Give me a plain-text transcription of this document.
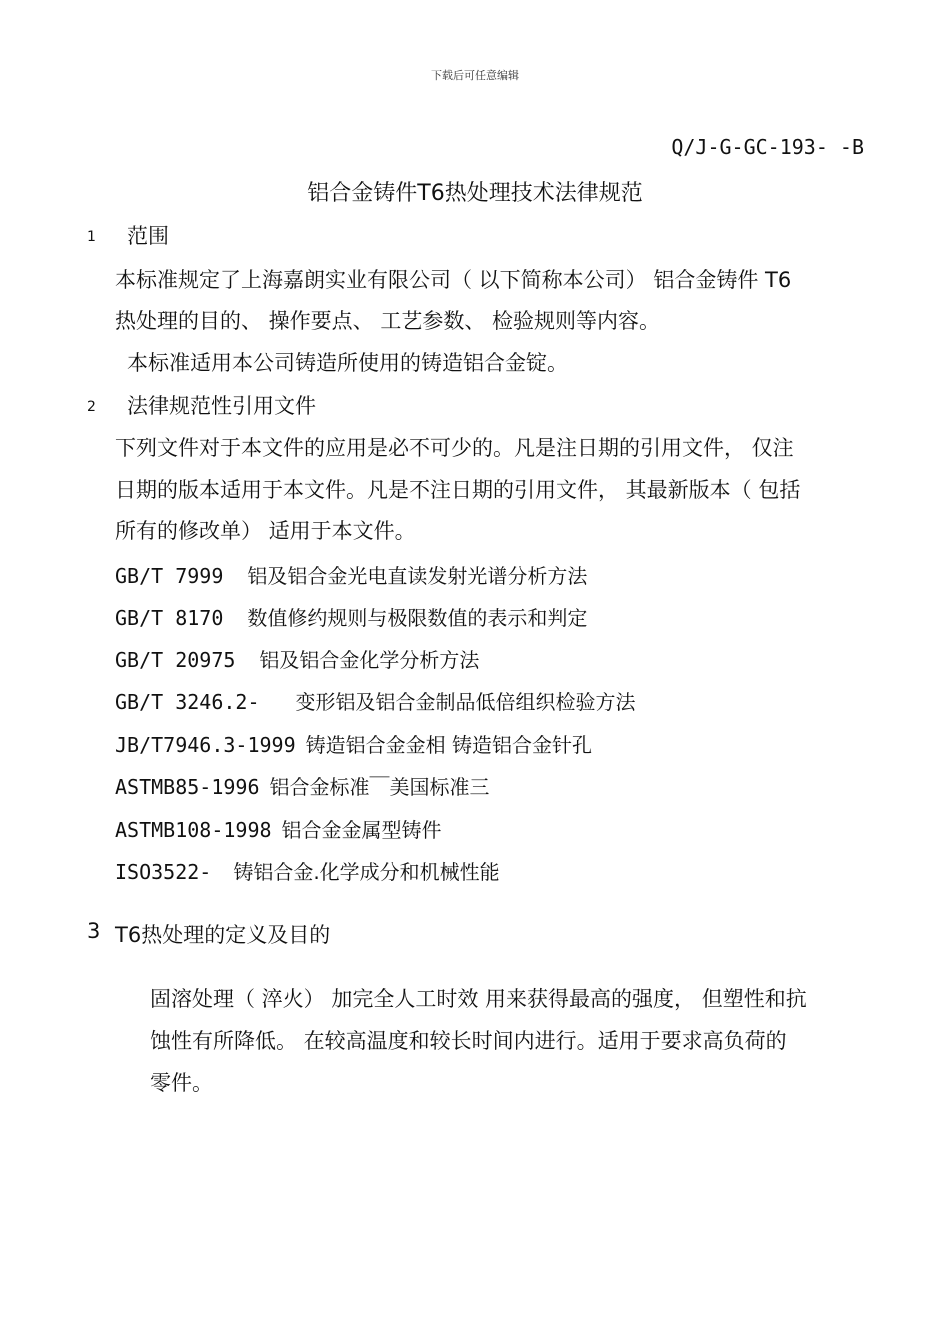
下载后可任意编辑
Q/J-G-GC-193- -B
铝合金铸件T6热处理技术法律规范
1 范围
本标准规定了上海嘉朗实业有限公司（ 以下简称本公司） 铝合金铸件 T6
热处理的目的、 操作要点、 工艺参数、 检验规则等内容。
本标准适用本公司铸造所使用的铸造铝合金锭。
2 法律规范性引用文件
下列文件对于本文件的应用是必不可少的。凡是注日期的引用文件， 仅注
日期的版本适用于本文件。凡是不注日期的引用文件， 其最新版本（ 包括
所有的修改单） 适用于本文件。
GB/T 7999 铝及铝合金光电直读发射光谱分析方法
GB/T 8170 数值修约规则与极限数值的表示和判定
GB/T 20975 铝及铝合金化学分析方法
GB/T 3246.2- 变形铝及铝合金制品低倍组织检验方法
JB/T7946.3-1999 铸造铝合金金相 铸造铝合金针孔
ASTMB85-1996 铝合金标准￣美国标准三
ASTMB108-1998 铝合金金属型铸件
ISO3522- 铸铝合金.化学成分和机械性能
3 T6热处理的定义及目的
固溶处理（ 淬火） 加完全人工时效 用来获得最高的强度， 但塑性和抗
蚀性有所降低。 在较高温度和较长时间内进行。适用于要求高负荷的
零件。
